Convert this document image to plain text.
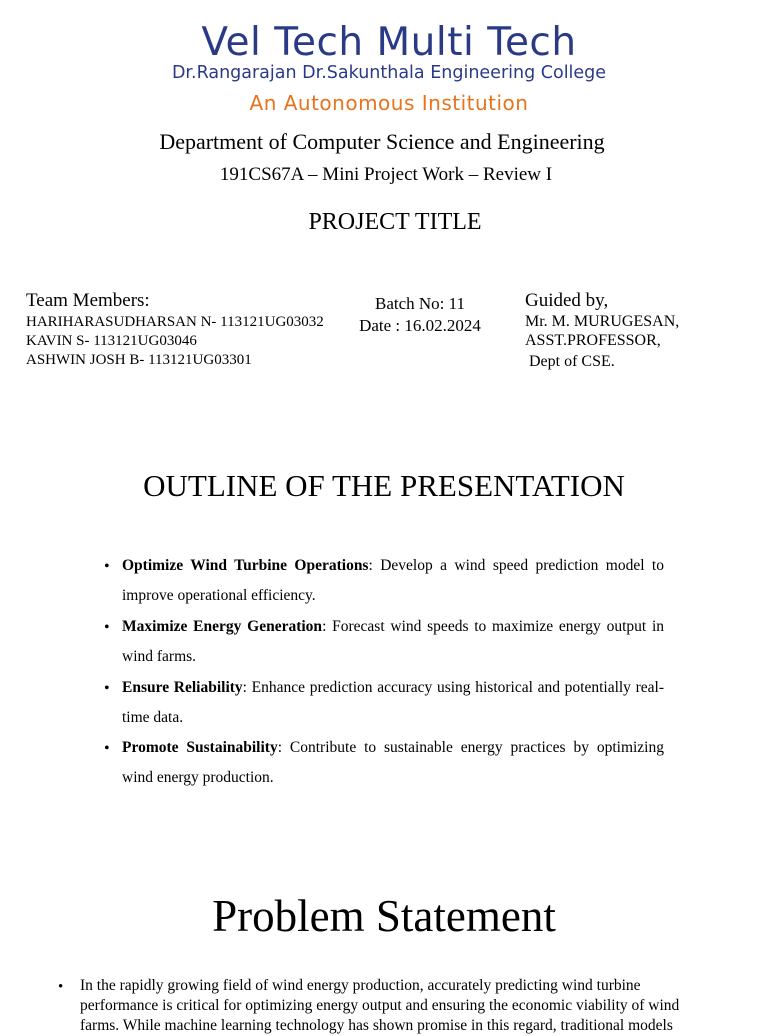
Vel Tech Multi Tech
Dr.Rangarajan Dr.Sakunthala Engineering College
An Autonomous Institution
Department of Computer Science and Engineering
191CS67A – Mini Project Work – Review I
PROJECT TITLE
Team Members:
HARIHARASUDHARSAN N- 113121UG03032
KAVIN S- 113121UG03046
ASHWIN JOSH B- 113121UG03301
Batch No: 11
Date : 16.02.2024
Guided by,
Mr. M. MURUGESAN,
ASST.PROFESSOR,
Dept of CSE.
OUTLINE OF THE PRESENTATION
• Optimize Wind Turbine Operations: Develop a wind speed prediction model to improve operational efficiency.
• Maximize Energy Generation: Forecast wind speeds to maximize energy output in wind farms.
• Ensure Reliability: Enhance prediction accuracy using historical and potentially real-time data.
• Promote Sustainability: Contribute to sustainable energy practices by optimizing wind energy production.
Problem Statement
• In the rapidly growing field of wind energy production, accurately predicting wind turbine performance is critical for optimizing energy output and ensuring the economic viability of wind farms. While machine learning technology has shown promise in this regard, traditional models
